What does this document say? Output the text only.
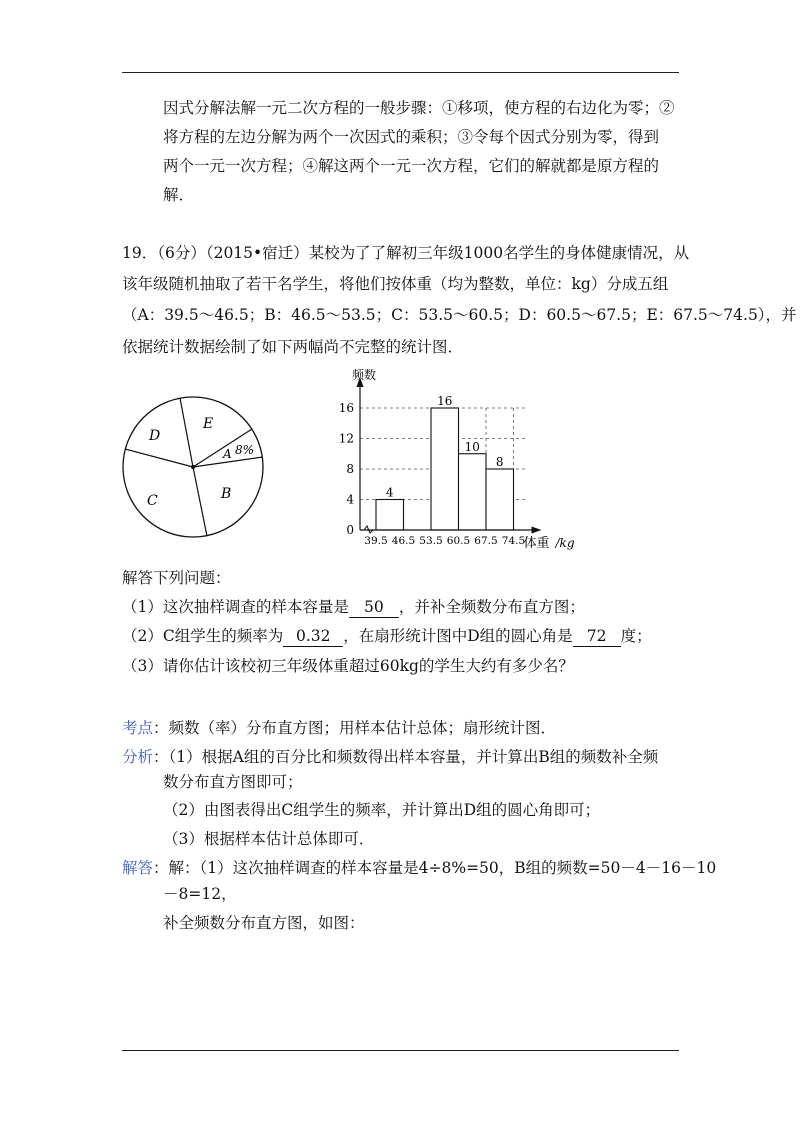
因式分解法解一元二次方程的一般步骤：①移项，使方程的右边化为零；②
将方程的左边分解为两个一次因式的乘积；③令每个因式分别为零，得到
两个一元一次方程；④解这两个一元一次方程，它们的解就都是原方程的
解．
19．（6分）（2015•宿迁）某校为了了解初三年级1000名学生的身体健康情况，从
该年级随机抽取了若干名学生，将他们按体重（均为整数，单位：kg）分成五组
（A：39.5～46.5；B：46.5～53.5；C：53.5～60.5；D：60.5～67.5；E：67.5～74.5），并
依据统计数据绘制了如下两幅尚不完整的统计图．
D
E
A 8%
C	B	4
16
10
8
0
4
8
12
16
39.5 46.5 53.5 60.5 67.5 74.5
频数
体重 /kg
解答下列问题：
（1）这次抽样调查的样本容量是 50 ，并补全频数分布直方图；
（2）C组学生的频率为 0.32 ，在扇形统计图中D组的圆心角是 72 度；
（3）请你估计该校初三年级体重超过60kg的学生大约有多少名？
考点：频数（率）分布直方图；用样本估计总体；扇形统计图．
分析：（1）根据A组的百分比和频数得出样本容量，并计算出B组的频数补全频
数分布直方图即可；
（2）由图表得出C组学生的频率，并计算出D组的圆心角即可；
（3）根据样本估计总体即可．
解答：解：（1）这次抽样调查的样本容量是4÷8%=50，B组的频数=50－4－16－10
－8=12，
补全频数分布直方图，如图：
